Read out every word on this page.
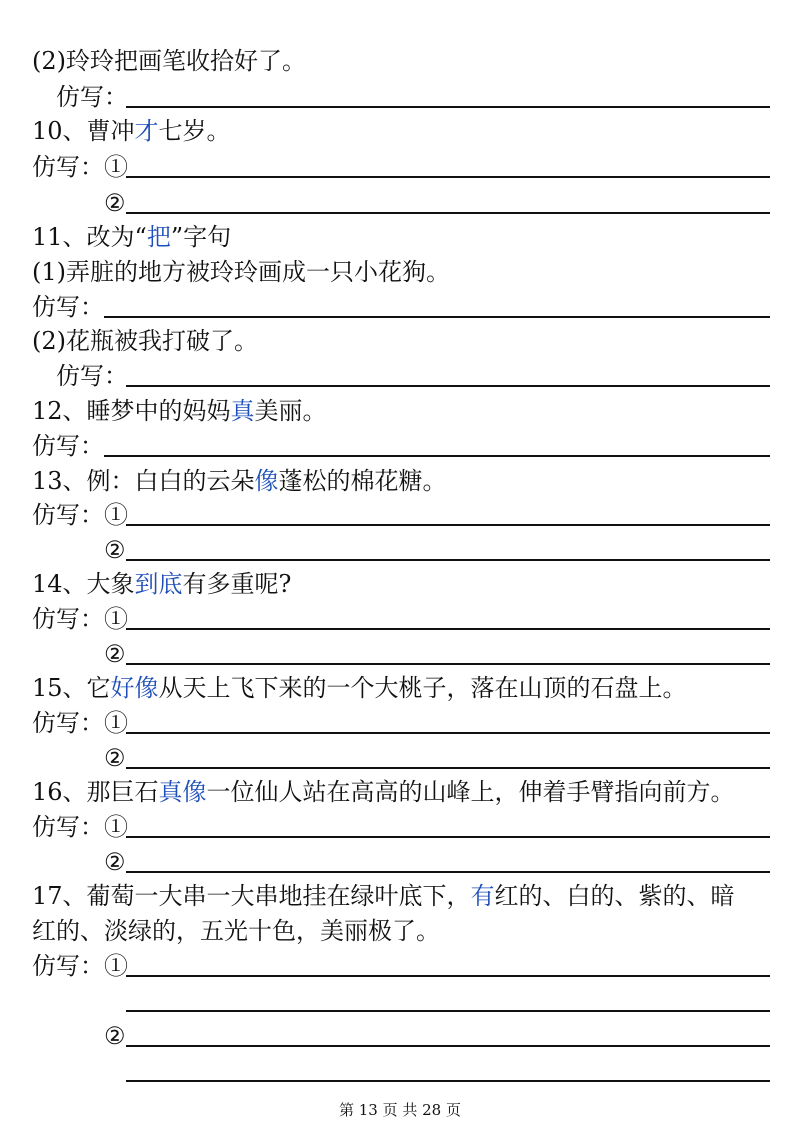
(2)玲玲把画笔收拾好了。
仿写：
10、曹冲才七岁。
仿写：①
②
11、改为“把”字句
(1)弄脏的地方被玲玲画成一只小花狗。
仿写：
(2)花瓶被我打破了。
仿写：
12、睡梦中的妈妈真美丽。
仿写：
13、例：白白的云朵像蓬松的棉花糖。
仿写：①
②
14、大象到底有多重呢?
仿写：①
②
15、它好像从天上飞下来的一个大桃子，落在山顶的石盘上。
仿写：①
②
16、那巨石真像一位仙人站在高高的山峰上，伸着手臂指向前方。
仿写：①
②
17、葡萄一大串一大串地挂在绿叶底下，有红的、白的、紫的、暗
红的、淡绿的，五光十色，美丽极了。
仿写：①
②
第 13 页 共 28 页
